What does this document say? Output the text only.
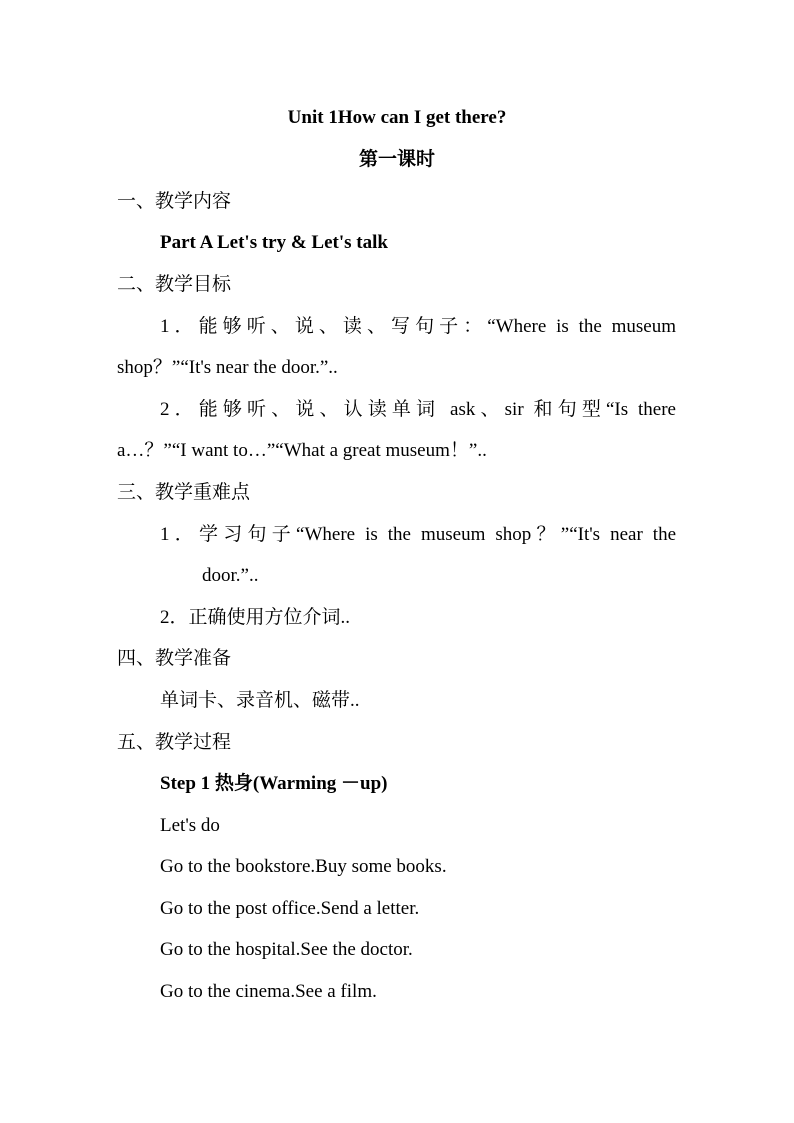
Unit 1How can I get there?
第一课时
一、教学内容
Part A Let's try & Let's talk
二、教学目标
1．能够听、说、读、写句子：“Where is the museum
shop？”“It's near the door.”..
2．能够听、说、认读单词 ask、sir 和句型“Is there
a…？”“I want to…”“What a great museum！”..
三、教学重难点
1．学习句子“Where is the museum shop？”“It's near the
door.”..
2．正确使用方位介词..
四、教学准备
单词卡、录音机、磁带..
五、教学过程
Step 1 热身(Warming －up)
Let's do
Go to the bookstore.Buy some books.
Go to the post office.Send a letter.
Go to the hospital.See the doctor.
Go to the cinema.See a film.
